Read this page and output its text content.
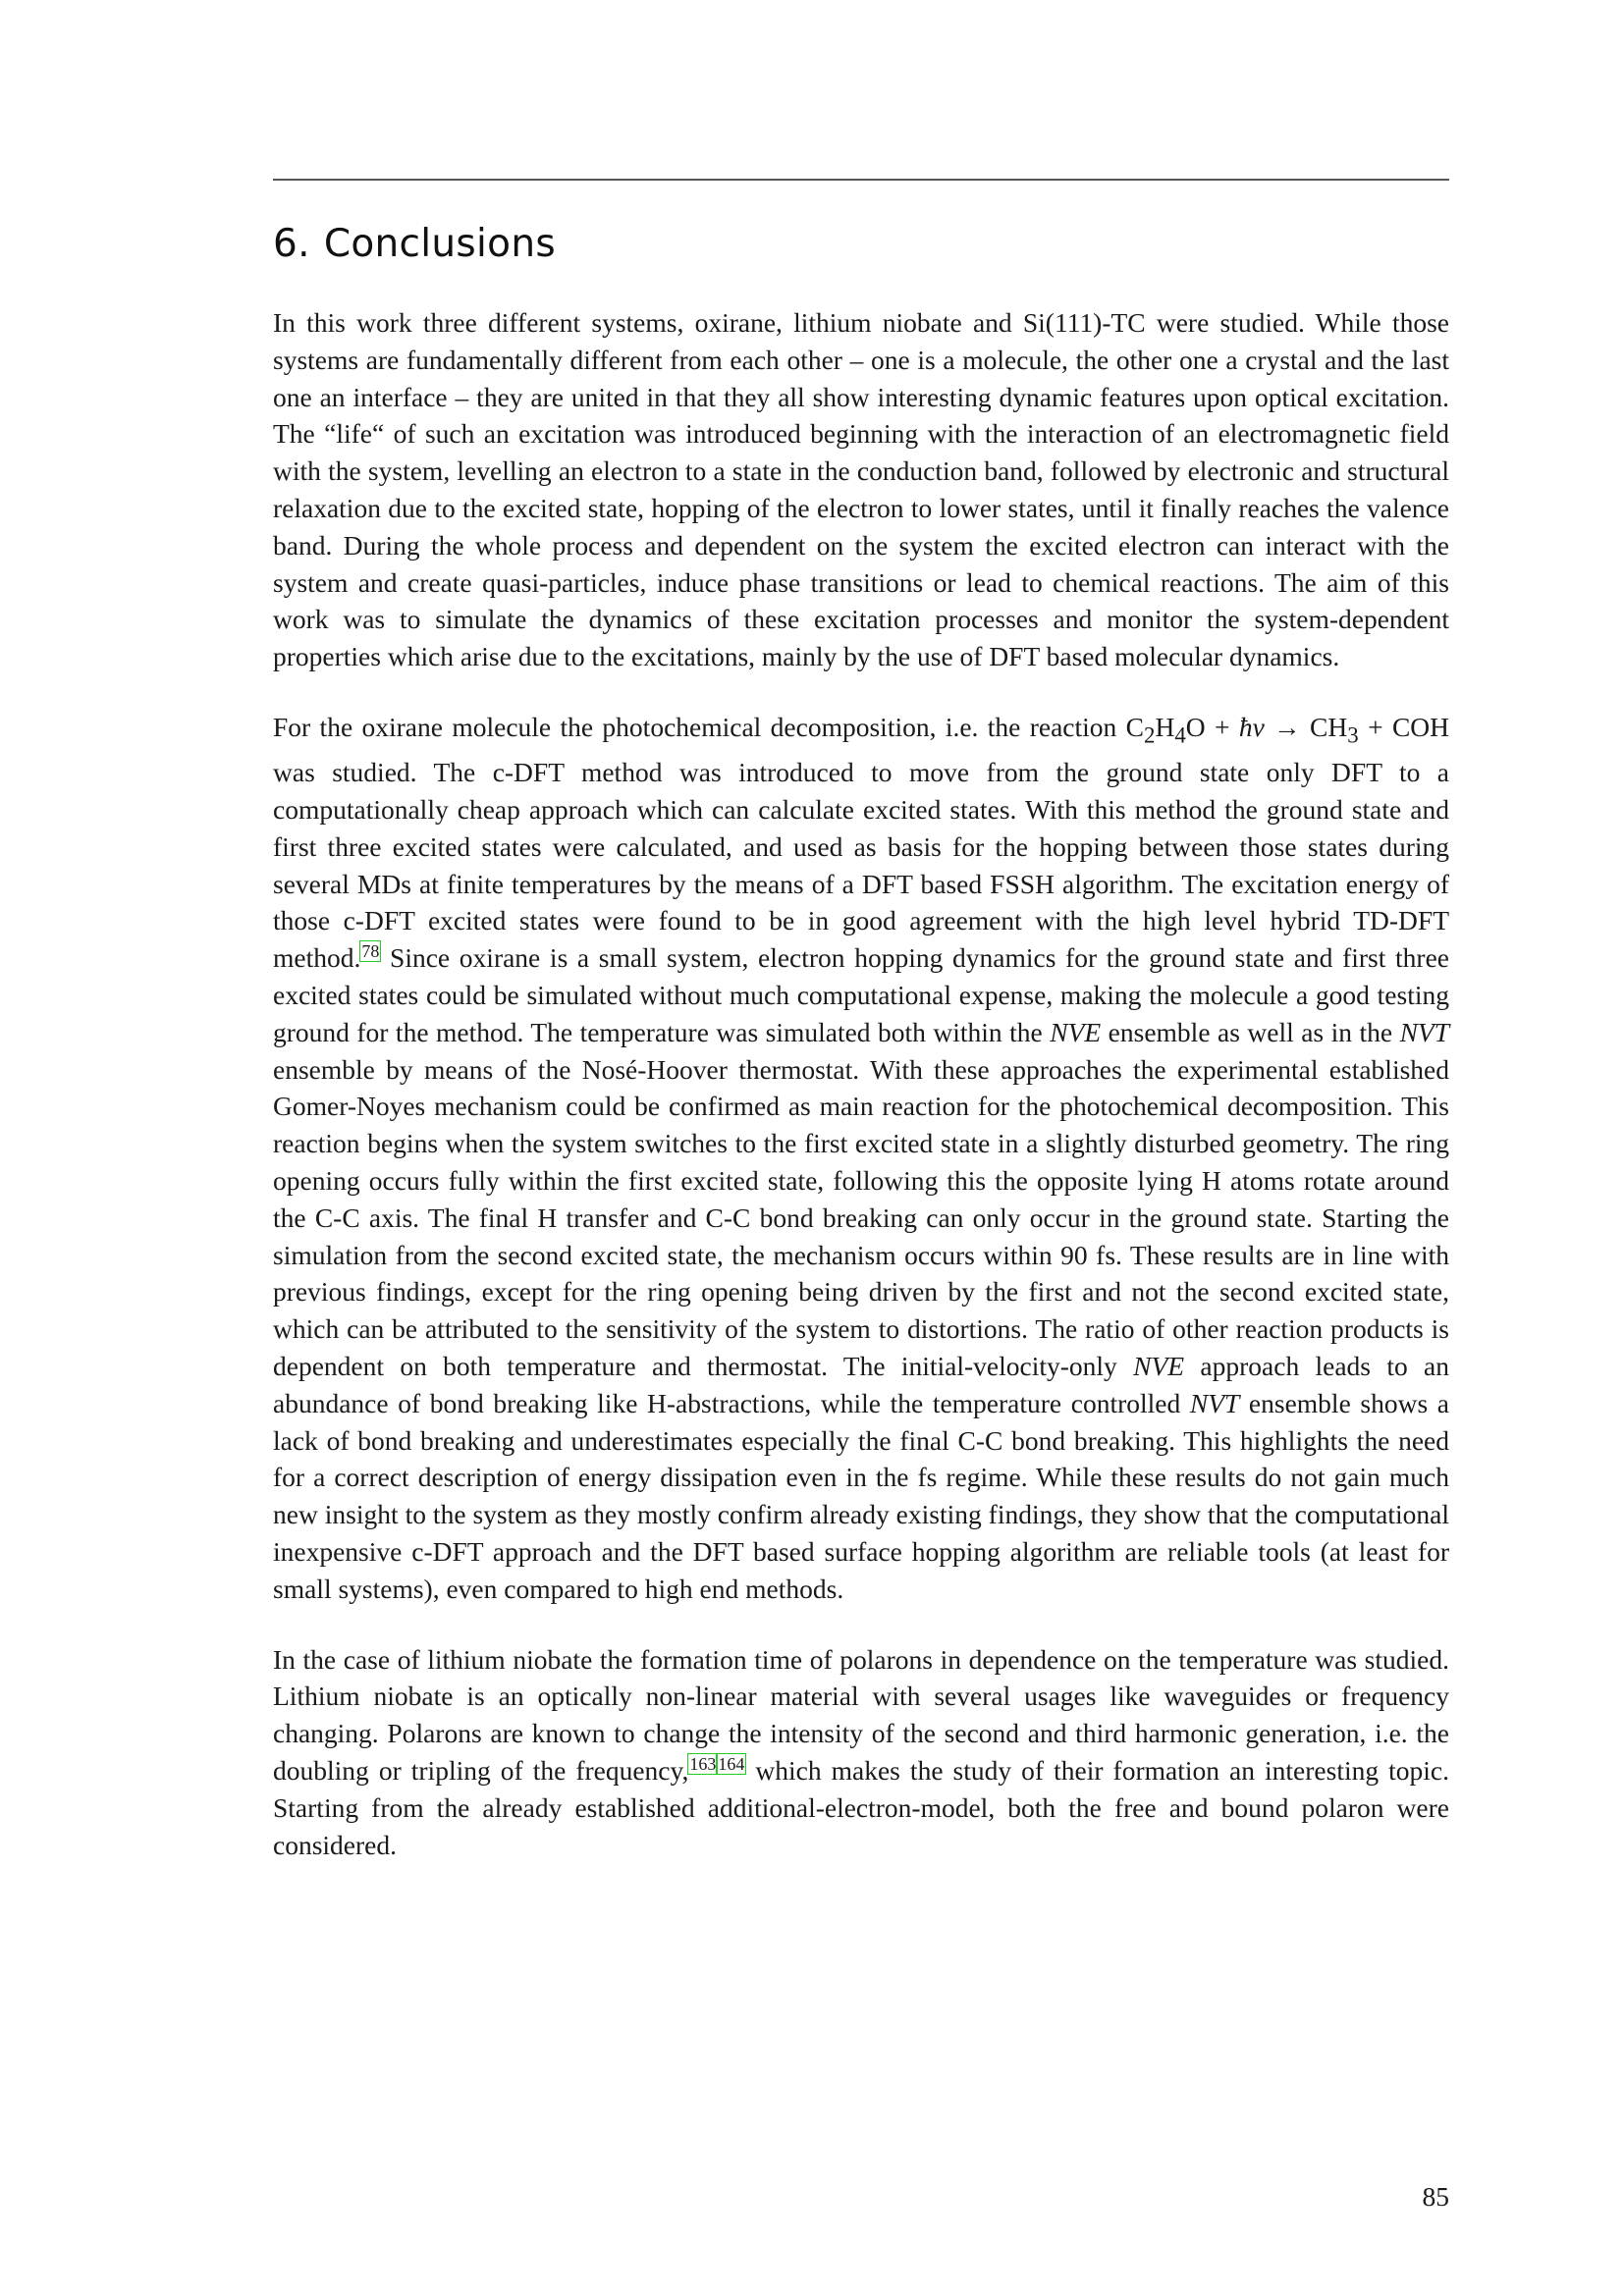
6. Conclusions

In this work three different systems, oxirane, lithium niobate and Si(111)-TC were studied. While those systems are fundamentally different from each other – one is a molecule, the other one a crystal and the last one an interface – they are united in that they all show interesting dynamic features upon optical excitation. The “life“ of such an excitation was introduced beginning with the interaction of an electromagnetic field with the system, levelling an electron to a state in the conduction band, followed by electronic and structural relaxation due to the excited state, hopping of the electron to lower states, until it finally reaches the valence band. During the whole process and dependent on the system the excited electron can interact with the system and create quasi-particles, induce phase transitions or lead to chemical reactions. The aim of this work was to simulate the dynamics of these excitation processes and monitor the system-dependent properties which arise due to the excitations, mainly by the use of DFT based molecular dynamics.

For the oxirane molecule the photochemical decomposition, i.e. the reaction $C_2H_4O$ + ħν → $CH_3$ + COH was studied. The c-DFT method was introduced to move from the ground state only DFT to a computationally cheap approach which can calculate excited states. With this method the ground state and first three excited states were calculated, and used as basis for the hopping between those states during several MDs at finite temperatures by the means of a DFT based FSSH algorithm. The excitation energy of those c-DFT excited states were found to be in good agreement with the high level hybrid TD-DFT method.$^{78}$ Since oxirane is a small system, electron hopping dynamics for the ground state and first three excited states could be simulated without much computational expense, making the molecule a good testing ground for the method. The temperature was simulated both within the NVE ensemble as well as in the NVT ensemble by means of the Nosé-Hoover thermostat. With these approaches the experimental established Gomer-Noyes mechanism could be confirmed as main reaction for the photochemical decomposition. This reaction begins when the system switches to the first excited state in a slightly disturbed geometry. The ring opening occurs fully within the first excited state, following this the opposite lying H atoms rotate around the C-C axis. The final H transfer and C-C bond breaking can only occur in the ground state. Starting the simulation from the second excited state, the mechanism occurs within 90 fs. These results are in line with previous findings, except for the ring opening being driven by the first and not the second excited state, which can be attributed to the sensitivity of the system to distortions. The ratio of other reaction products is dependent on both temperature and thermostat. The initial-velocity-only NVE approach leads to an abundance of bond breaking like H-abstractions, while the temperature controlled NVT ensemble shows a lack of bond breaking and underestimates especially the final C-C bond breaking. This highlights the need for a correct description of energy dissipation even in the fs regime. While these results do not gain much new insight to the system as they mostly confirm already existing findings, they show that the computational inexpensive c-DFT approach and the DFT based surface hopping algorithm are reliable tools (at least for small systems), even compared to high end methods.

In the case of lithium niobate the formation time of polarons in dependence on the temperature was studied. Lithium niobate is an optically non-linear material with several usages like waveguides or frequency changing. Polarons are known to change the intensity of the second and third harmonic generation, i.e. the doubling or tripling of the frequency,$^{163 164}$ which makes the study of their formation an interesting topic. Starting from the already established additional-electron-model, both the free and bound polaron were considered.

85
